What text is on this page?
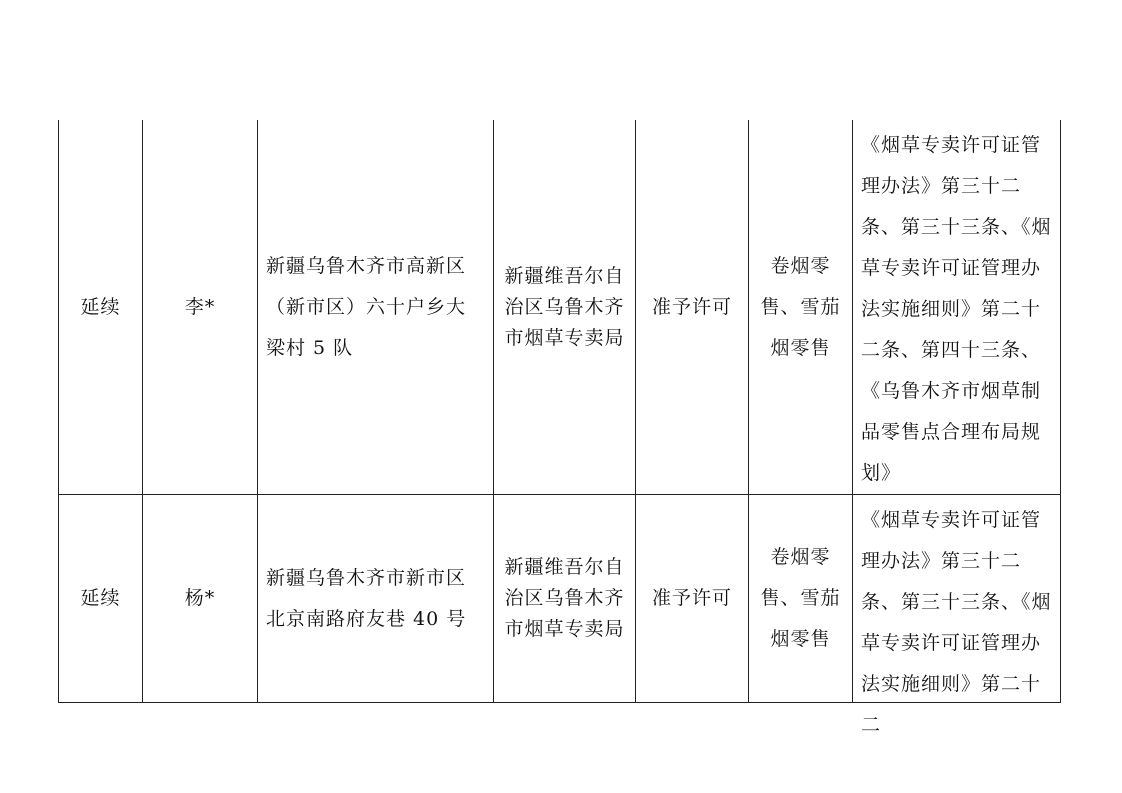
延续	李*	新疆乌鲁木齐市高新区（新市区）六十户乡大梁村 5 队	新疆维吾尔自治区乌鲁木齐市烟草专卖局	准予许可	卷烟零售、雪茄烟零售	《烟草专卖许可证管理办法》第三十二条、第三十三条、《烟草专卖许可证管理办法实施细则》第二十二条、第四十三条、《乌鲁木齐市烟草制品零售点合理布局规划》

延续	杨*	新疆乌鲁木齐市新市区北京南路府友巷 40 号	新疆维吾尔自治区乌鲁木齐市烟草专卖局	准予许可	卷烟零售、雪茄烟零售	《烟草专卖许可证管理办法》第三十二条、第三十三条、《烟草专卖许可证管理办法实施细则》第二十二
